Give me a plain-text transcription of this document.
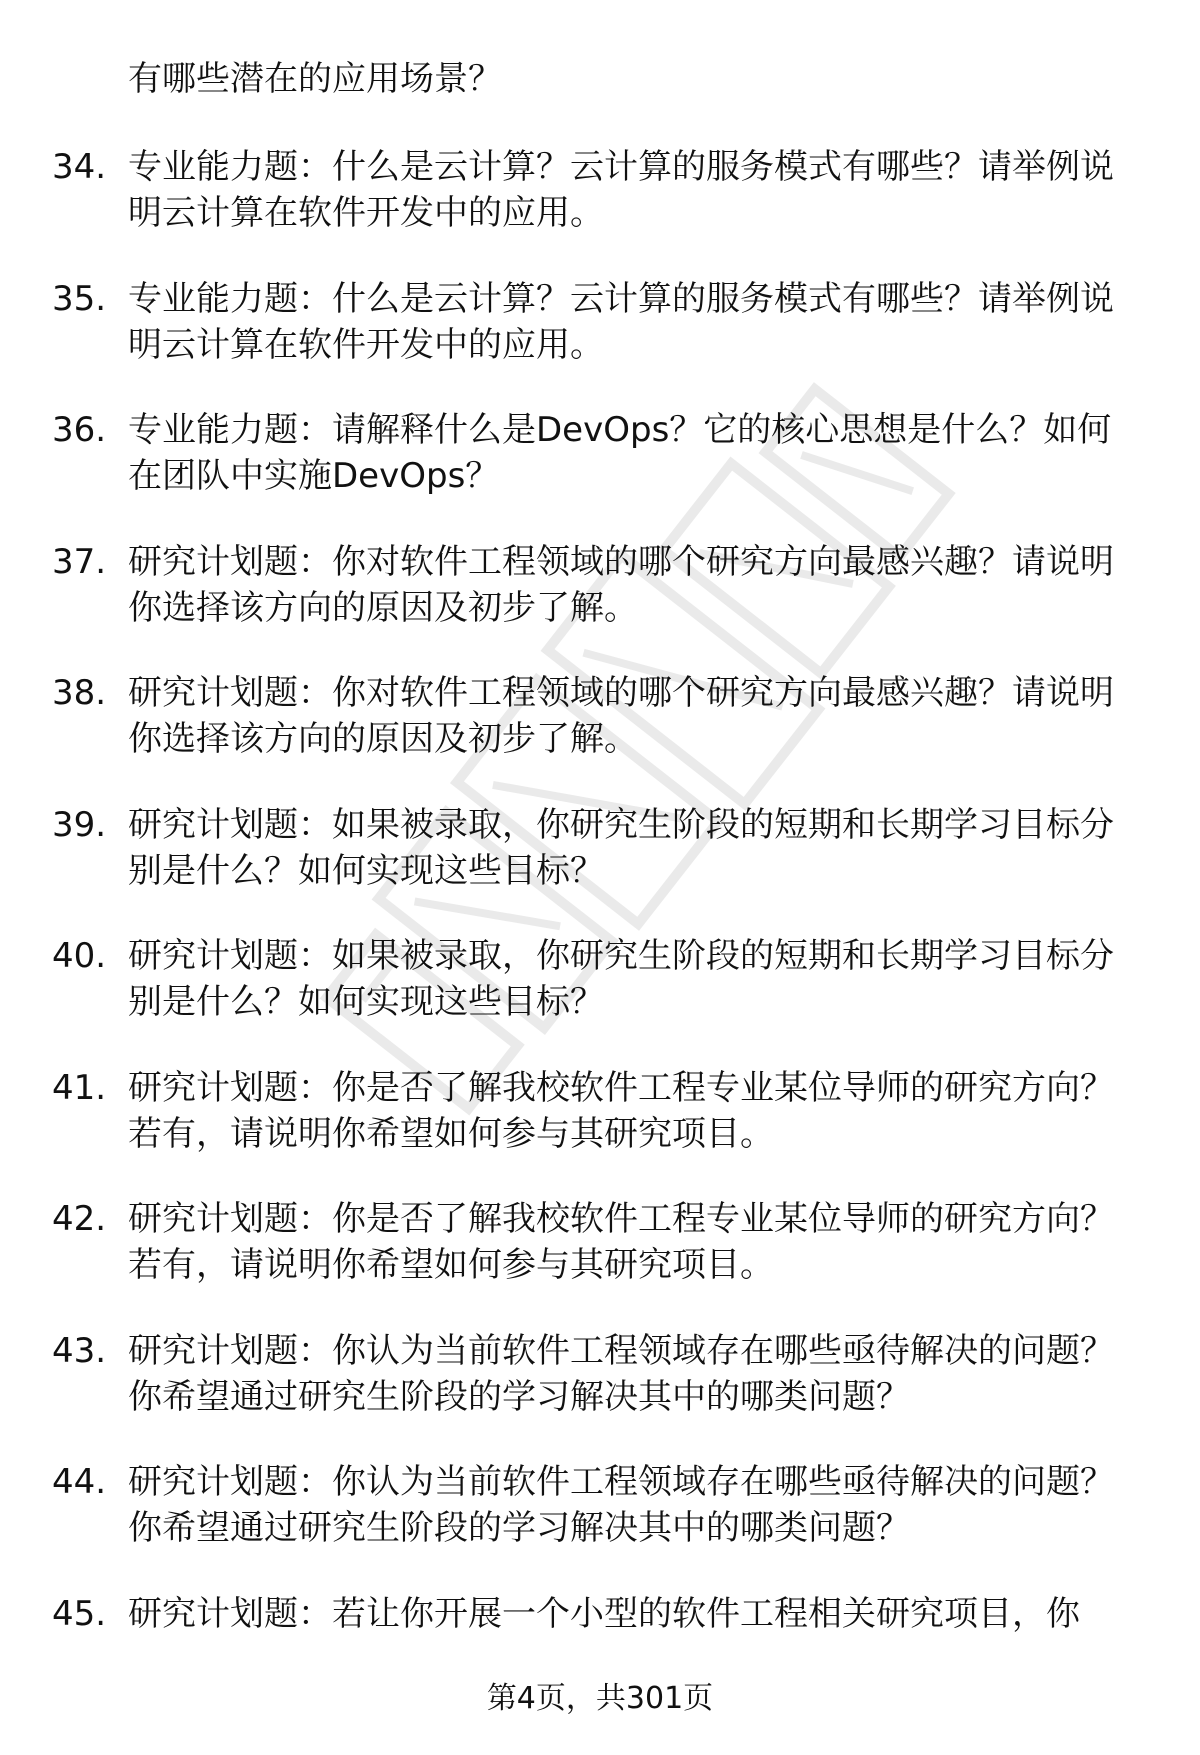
有哪些潜在的应用场景？

34. 专业能力题：什么是云计算？云计算的服务模式有哪些？请举例说明云计算在软件开发中的应用。

35. 专业能力题：什么是云计算？云计算的服务模式有哪些？请举例说明云计算在软件开发中的应用。

36. 专业能力题：请解释什么是DevOps？它的核心思想是什么？如何在团队中实施DevOps？

37. 研究计划题：你对软件工程领域的哪个研究方向最感兴趣？请说明你选择该方向的原因及初步了解。

38. 研究计划题：你对软件工程领域的哪个研究方向最感兴趣？请说明你选择该方向的原因及初步了解。

39. 研究计划题：如果被录取，你研究生阶段的短期和长期学习目标分别是什么？如何实现这些目标？

40. 研究计划题：如果被录取，你研究生阶段的短期和长期学习目标分别是什么？如何实现这些目标？

41. 研究计划题：你是否了解我校软件工程专业某位导师的研究方向？若有，请说明你希望如何参与其研究项目。

42. 研究计划题：你是否了解我校软件工程专业某位导师的研究方向？若有，请说明你希望如何参与其研究项目。

43. 研究计划题：你认为当前软件工程领域存在哪些亟待解决的问题？你希望通过研究生阶段的学习解决其中的哪类问题？

44. 研究计划题：你认为当前软件工程领域存在哪些亟待解决的问题？你希望通过研究生阶段的学习解决其中的哪类问题？

45. 研究计划题：若让你开展一个小型的软件工程相关研究项目，你

第4页，共301页
